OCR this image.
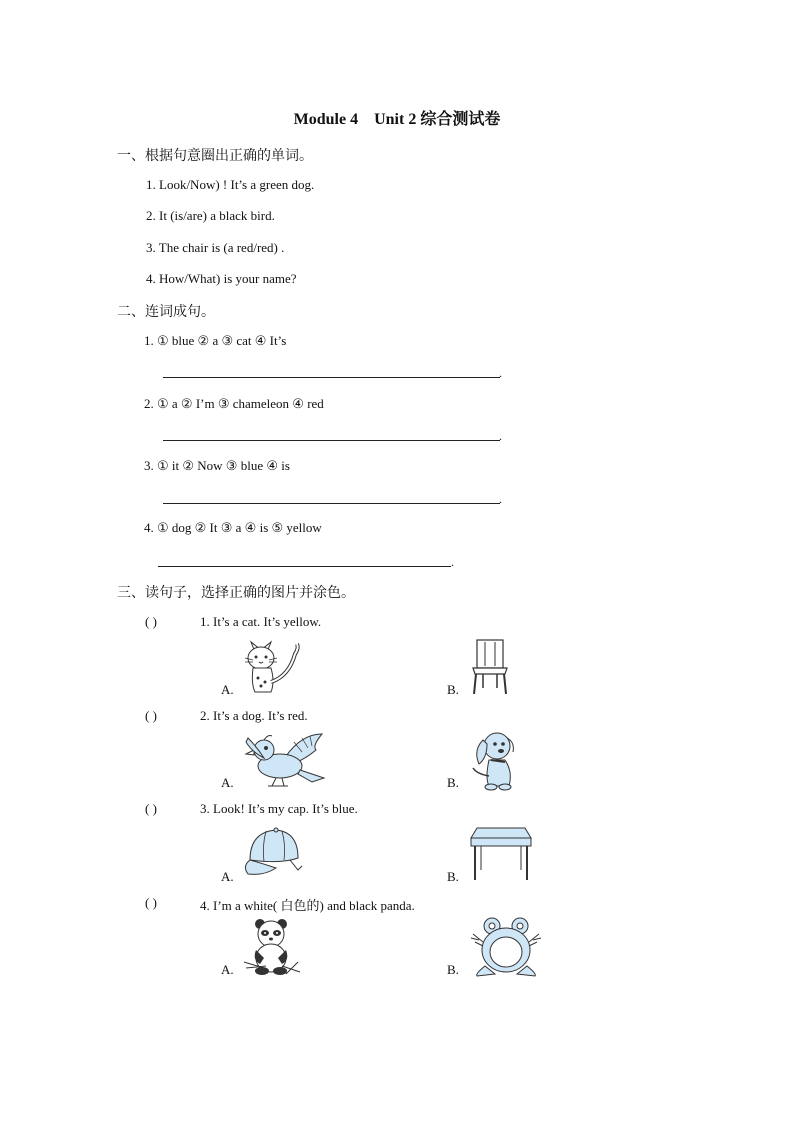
Module 4　Unit 2 综合测试卷
一、根据句意圈出正确的单词。
1. Look/Now) ! It’s a green dog.
2. It (is/are) a black bird.
3. The chair is (a red/red) .
4. How/What) is your name?
二、连词成句。
1. ① blue ② a ③ cat ④ It’s
.
2. ① a ② I’m ③ chameleon ④ red
.
3. ① it ② Now ③ blue ④ is
.
4. ① dog ② It ③ a ④ is ⑤ yellow
.
三、读句子，选择正确的图片并涂色。
( )	1. It’s a cat. It’s yellow.
A.	B.
( )	2. It’s a dog. It’s red.
A.	B.
( )	3. Look! It’s my cap. It’s blue.
A.	B.
( )	4. I’m a white( 白色的) and black panda.
A.	B.
